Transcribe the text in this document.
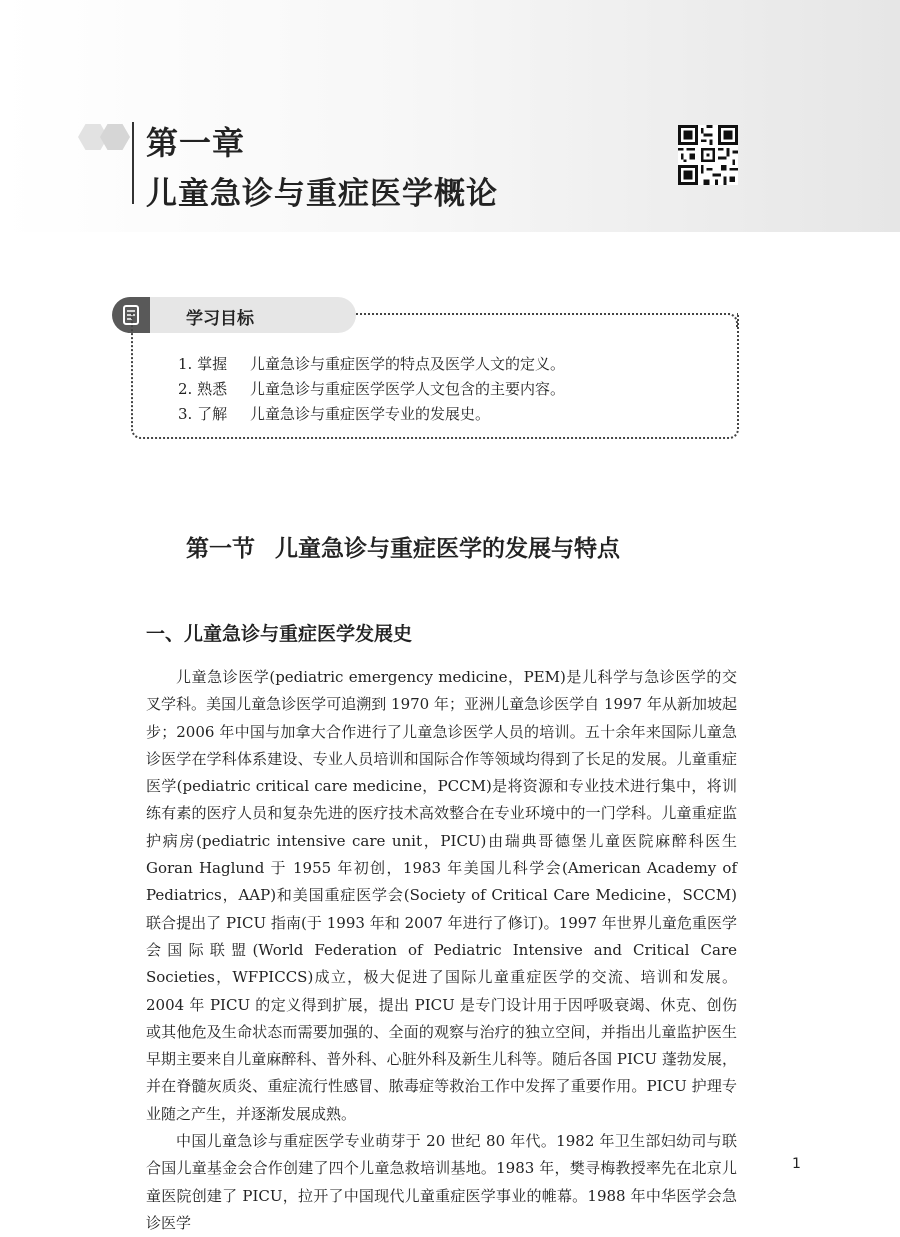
第一章
儿童急诊与重症医学概论
学习目标
1. 掌握 儿童急诊与重症医学的特点及医学人文的定义。
2. 熟悉 儿童急诊与重症医学医学人文包含的主要内容。
3. 了解 儿童急诊与重症医学专业的发展史。
第一节 儿童急诊与重症医学的发展与特点
一、儿童急诊与重症医学发展史

儿童急诊医学(pediatric emergency medicine，PEM)是儿科学与急诊医学的交叉学科。美国儿童急诊医学可追溯到 1970 年；亚洲儿童急诊医学自 1997 年从新加坡起步；2006 年中国与加拿大合作进行了儿童急诊医学人员的培训。五十余年来国际儿童急诊医学在学科体系建设、专业人员培训和国际合作等领域均得到了长足的发展。儿童重症医学(pediatric critical care medicine，PCCM)是将资源和专业技术进行集中，将训练有素的医疗人员和复杂先进的医疗技术高效整合在专业环境中的一门学科。儿童重症监护病房(pediatric intensive care unit，PICU)由瑞典哥德堡儿童医院麻醉科医生 Goran Haglund 于 1955 年初创，1983 年美国儿科学会(American Academy of Pediatrics，AAP)和美国重症医学会(Society of Critical Care Medicine，SCCM)联合提出了 PICU 指南(于 1993 年和 2007 年进行了修订)。1997 年世界儿童危重医学会国际联盟(World Federation of Pediatric Intensive and Critical Care Societies，WFPICCS)成立，极大促进了国际儿童重症医学的交流、培训和发展。2004 年 PICU 的定义得到扩展，提出 PICU 是专门设计用于因呼吸衰竭、休克、创伤或其他危及生命状态而需要加强的、全面的观察与治疗的独立空间，并指出儿童监护医生早期主要来自儿童麻醉科、普外科、心脏外科及新生儿科等。随后各国 PICU 蓬勃发展，并在脊髓灰质炎、重症流行性感冒、脓毒症等救治工作中发挥了重要作用。PICU 护理专业随之产生，并逐渐发展成熟。

中国儿童急诊与重症医学专业萌芽于 20 世纪 80 年代。1982 年卫生部妇幼司与联合国儿童基金会合作创建了四个儿童急救培训基地。1983 年，樊寻梅教授率先在北京儿童医院创建了 PICU，拉开了中国现代儿童重症医学事业的帷幕。1988 年中华医学会急诊医学

1
